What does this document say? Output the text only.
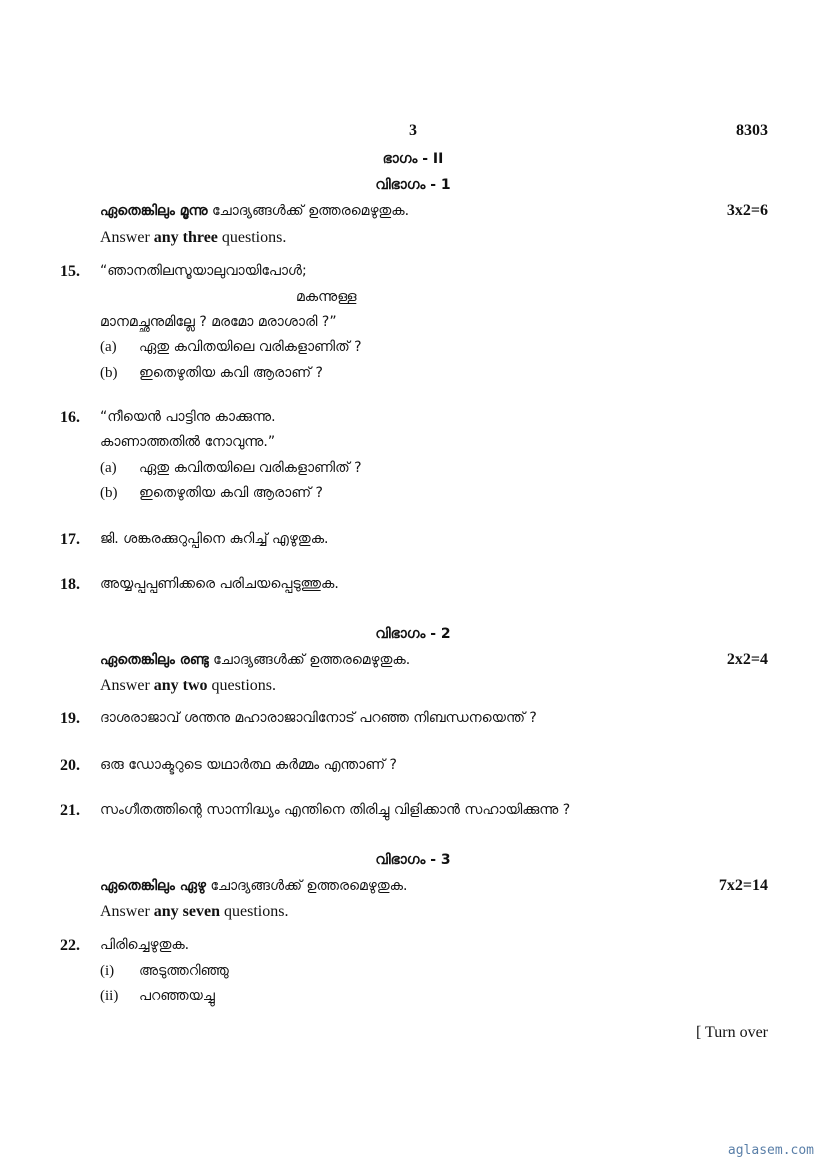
3	8303
ഭാഗം - II
വിഭാഗം - 1
ഏതെങ്കിലും മൂന്നു ചോദ്യങ്ങൾക്ക് ഉത്തരമെഴുതുക.	3x2=6
Answer any three questions.
15. “ഞാനതിലസൂയാലുവായിപോൾ;
മകന്നുള്ള
മാനമച്ഛനുമില്ലേ ? മരമോ മരാശാരി ?”
(a) ഏതു കവിതയിലെ വരികളാണിത് ?
(b) ഇതെഴുതിയ കവി ആരാണ് ?
16. “നീയെൻ പാട്ടിനു കാക്കുന്നു.
കാണാത്തതിൽ നോവുന്നു.”
(a) ഏതു കവിതയിലെ വരികളാണിത് ?
(b) ഇതെഴുതിയ കവി ആരാണ് ?
17. ജി. ശങ്കരക്കുറുപ്പിനെ കുറിച്ച് എഴുതുക.
18. അയ്യപ്പപ്പണിക്കരെ പരിചയപ്പെടുത്തുക.
വിഭാഗം - 2
ഏതെങ്കിലും രണ്ടു ചോദ്യങ്ങൾക്ക് ഉത്തരമെഴുതുക.	2x2=4
Answer any two questions.
19. ദാശരാജാവ് ശന്തനു മഹാരാജാവിനോട് പറഞ്ഞ നിബന്ധനയെന്ത് ?
20. ഒരു ഡോക്ടറുടെ യഥാർത്ഥ കർമ്മം എന്താണ് ?
21. സംഗീതത്തിന്റെ സാന്നിദ്ധ്യം എന്തിനെ തിരിച്ചു വിളിക്കാൻ സഹായിക്കുന്നു ?
വിഭാഗം - 3
ഏതെങ്കിലും ഏഴു ചോദ്യങ്ങൾക്ക് ഉത്തരമെഴുതുക.	7x2=14
Answer any seven questions.
22. പിരിച്ചെഴുതുക.
(i) അടുത്തറിഞ്ഞു
(ii) പറഞ്ഞയച്ചു
[ Turn over
aglasem.com
